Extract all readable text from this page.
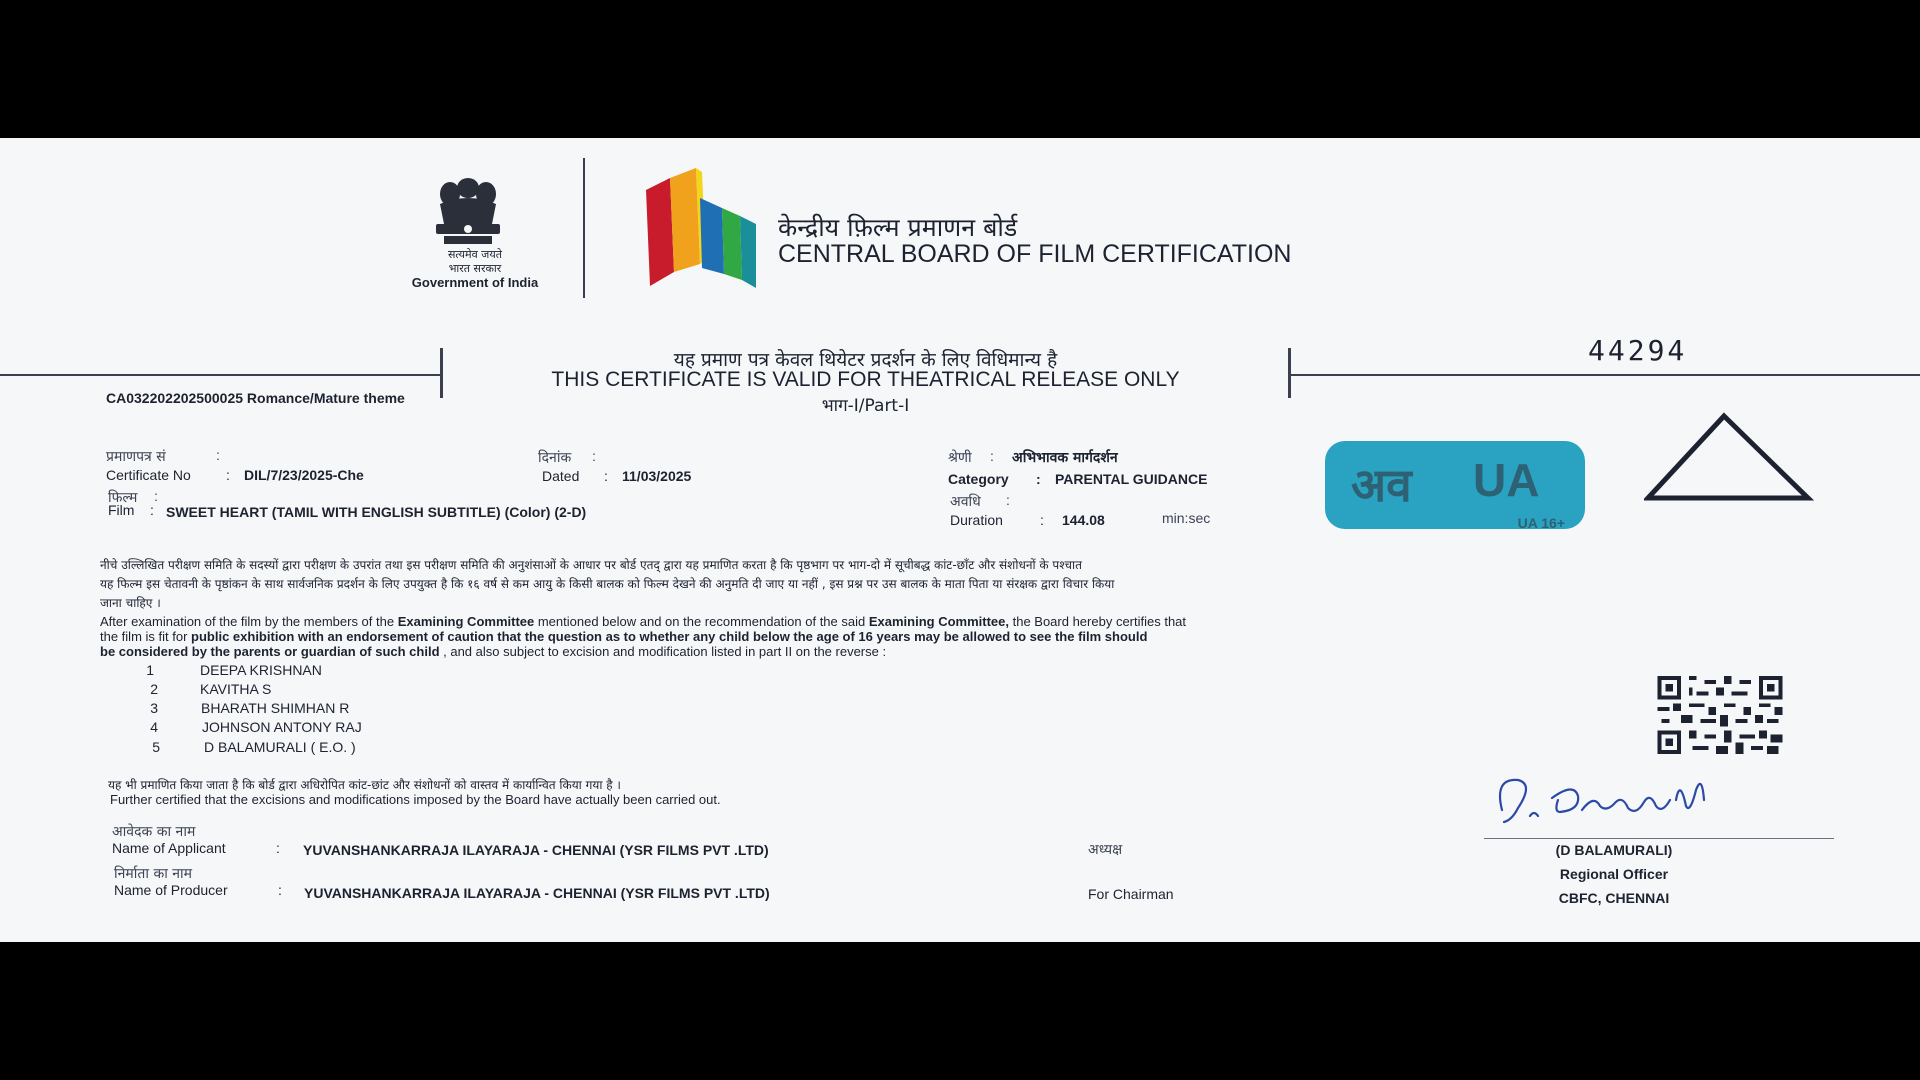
सत्यमेव जयते
भारत सरकार
Government of India
केन्द्रीय फ़िल्म प्रमाणन बोर्ड
CENTRAL BOARD OF FILM CERTIFICATION
यह प्रमाण पत्र केवल थियेटर प्रदर्शन के लिए विधिमान्य है
THIS CERTIFICATE IS VALID FOR THEATRICAL RELEASE ONLY
भाग-I/Part-I
44294
CA032202202500025 Romance/Mature theme
प्रमाणपत्र सं	:
Certificate No	: DIL/7/23/2025-Che
दिनांक :
Dated : 11/03/2025
श्रेणी : अभिभावक मार्गदर्शन
Category : PARENTAL GUIDANCE
फिल्म :
Film : SWEET HEART (TAMIL WITH ENGLISH SUBTITLE) (Color) (2-D)
अवधि :
Duration	: 144.08	min:sec
अव UA
UA 16+
नीचे उल्लिखित परीक्षण समिति के सदस्यों द्वारा परीक्षण के उपरांत तथा इस परीक्षण समिति की अनुशंसाओं के आधार पर बोर्ड एतद् द्वारा यह प्रमाणित करता है कि पृष्ठभाग पर भाग-दो में सूचीबद्ध कांट-छाँट और संशोधनों के पश्चात
यह फिल्म इस चेतावनी के पृष्ठांकन के साथ सार्वजनिक प्रदर्शन के लिए उपयुक्त है कि १६ वर्ष से कम आयु के किसी बालक को फिल्म देखने की अनुमति दी जाए या नहीं , इस प्रश्न पर उस बालक के माता पिता या संरक्षक द्वारा विचार किया
जाना चाहिए ।
After examination of the film by the members of the Examining Committee mentioned below and on the recommendation of the said Examining Committee, the Board hereby certifies that
the film is fit for public exhibition with an endorsement of caution that the question as to whether any child below the age of 16 years may be allowed to see the film should
be considered by the parents or guardian of such child , and also subject to excision and modification listed in part II on the reverse :
1	DEEPA KRISHNAN
2	KAVITHA S
3	BHARATH SHIMHAN R
4	JOHNSON ANTONY RAJ
5	D BALAMURALI ( E.O. )
यह भी प्रमाणित किया जाता है कि बोर्ड द्वारा अधिरोपित कांट-छांट और संशोधनों को वास्तव में कार्यान्वित किया गया है ।
Further certified that the excisions and modifications imposed by the Board have actually been carried out.
आवेदक का नाम
Name of Applicant	: YUVANSHANKARRAJA ILAYARAJA - CHENNAI (YSR FILMS PVT .LTD)
निर्माता का नाम
Name of Producer	: YUVANSHANKARRAJA ILAYARAJA - CHENNAI (YSR FILMS PVT .LTD)
अध्यक्ष
For Chairman
(D BALAMURALI)
Regional Officer
CBFC, CHENNAI
